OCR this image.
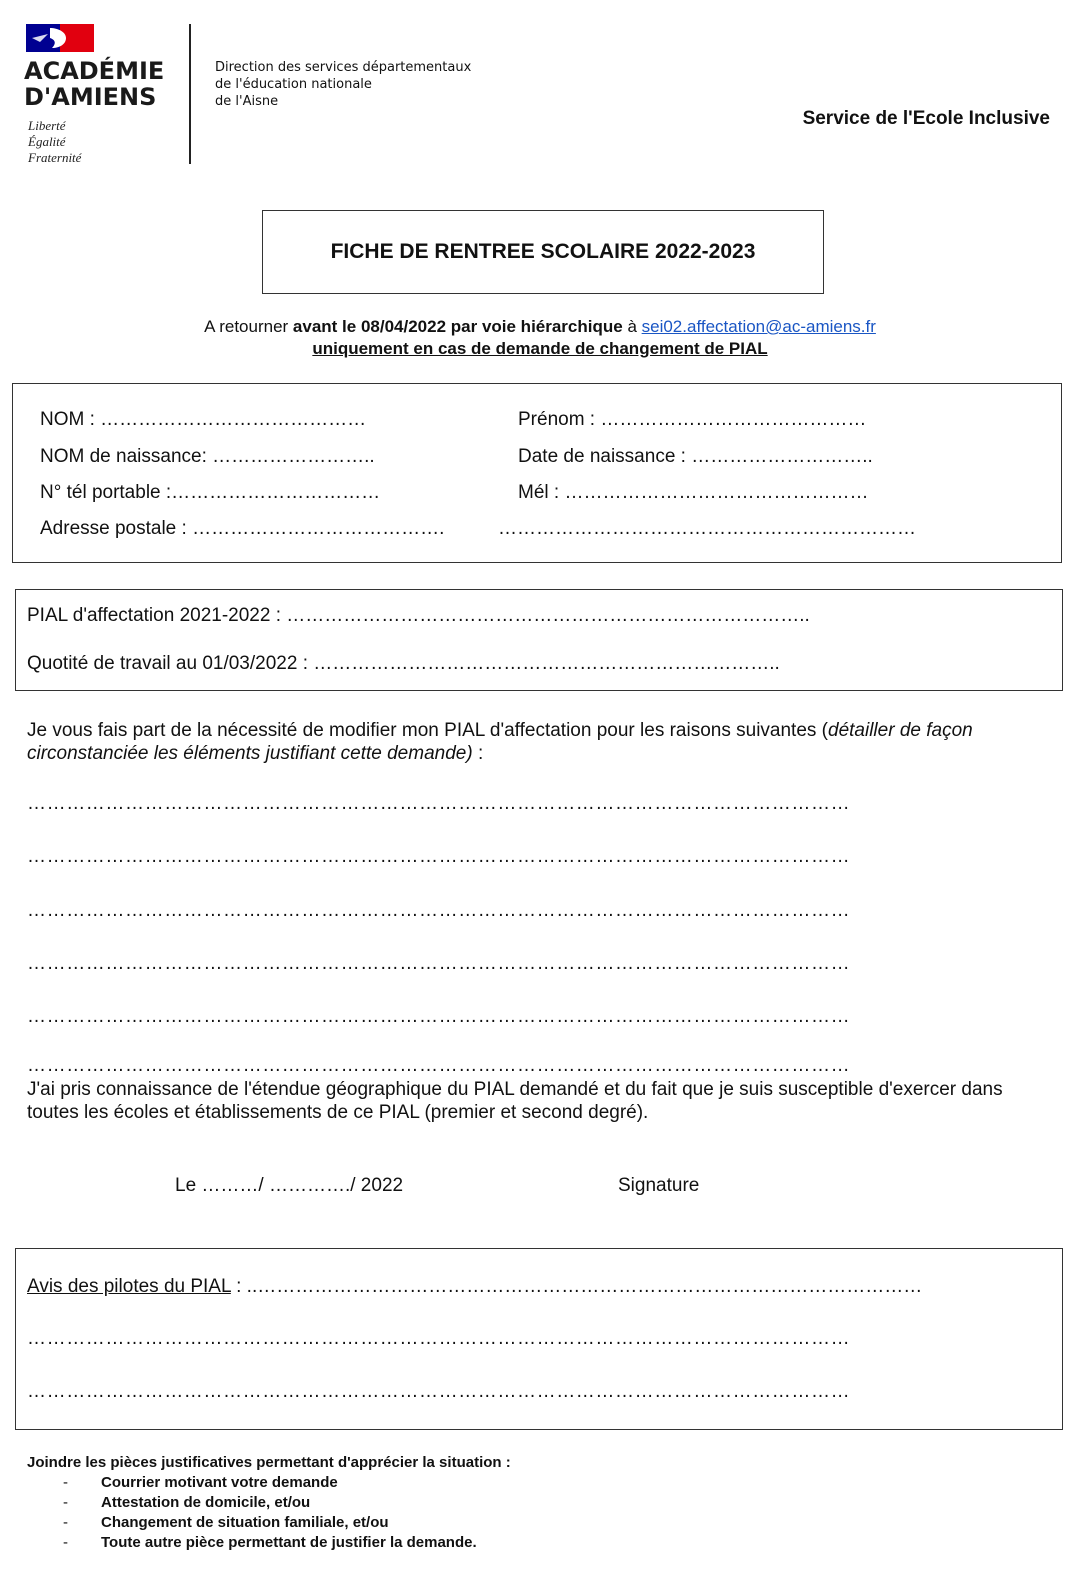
ACADÉMIE
D'AMIENS
Liberté
Égalité
Fraternité
Direction des services départementaux
de l'éducation nationale
de l'Aisne
Service de l'Ecole Inclusive
FICHE DE RENTREE SCOLAIRE 2022-2023
A retourner avant le 08/04/2022 par voie hiérarchique à sei02.affectation@ac-amiens.fr
uniquement en cas de demande de changement de PIAL
NOM : ……………………………………	Prénom : ……………………………………
NOM de naissance: ……………………..	Date de naissance : ………………………..
N° tél portable :……………………………	Mél : …………………………………………
Adresse postale : ………………………………….	…………………………………………………………
PIAL d'affectation 2021-2022 : ………………………………………………………………………..
Quotité de travail au 01/03/2022 : ………………………………………………………………..
Je vous fais part de la nécessité de modifier mon PIAL d'affectation pour les raisons suivantes (détailler de façon circonstanciée les éléments justifiant cette demande) :
………………………………………………………………………………………………………………
………………………………………………………………………………………………………………
………………………………………………………………………………………………………………
………………………………………………………………………………………………………………
………………………………………………………………………………………………………………
………………………………………………………………………………………………………………
J'ai pris connaissance de l'étendue géographique du PIAL demandé et du fait que je suis susceptible d'exercer dans toutes les écoles et établissements de ce PIAL (premier et second degré).
Le ………/ …………./ 2022	Signature
Avis des pilotes du PIAL : ..……………………………………………………………………………………………
………………………………………………………………………………………………………………
………………………………………………………………………………………………………………
Joindre les pièces justificatives permettant d'apprécier la situation :
-	Courrier motivant votre demande
-	Attestation de domicile, et/ou
-	Changement de situation familiale, et/ou
-	Toute autre pièce permettant de justifier la demande.
